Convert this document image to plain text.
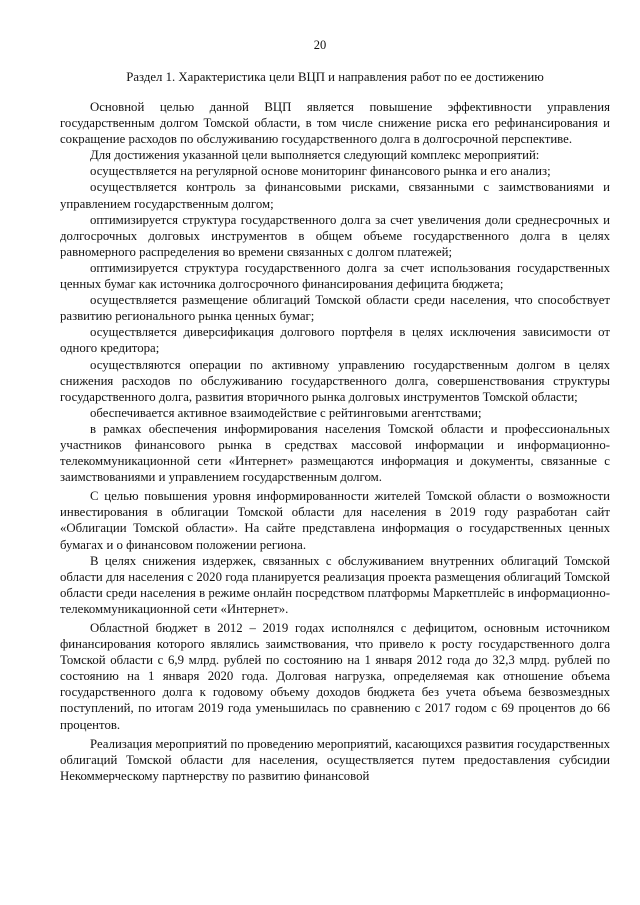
20
Раздел 1. Характеристика цели ВЦП и направления работ по ее достижению

Основной целью данной ВЦП является повышение эффективности управления государственным долгом Томской области, в том числе снижение риска его рефинансирования и сокращение расходов по обслуживанию государственного долга в долгосрочной перспективе.

Для достижения указанной цели выполняется следующий комплекс мероприятий:

осуществляется на регулярной основе мониторинг финансового рынка и его анализ;

осуществляется контроль за финансовыми рисками, связанными с заимствованиями и управлением государственным долгом;

оптимизируется структура государственного долга за счет увеличения доли среднесрочных и долгосрочных долговых инструментов в общем объеме государственного долга в целях равномерного распределения во времени связанных с долгом платежей;

оптимизируется структура государственного долга за счет использования государственных ценных бумаг как источника долгосрочного финансирования дефицита бюджета;

осуществляется размещение облигаций Томской области среди населения, что способствует развитию регионального рынка ценных бумаг;

осуществляется диверсификация долгового портфеля в целях исключения зависимости от одного кредитора;

осуществляются операции по активному управлению государственным долгом в целях снижения расходов по обслуживанию государственного долга, совершенствования структуры государственного долга, развития вторичного рынка долговых инструментов Томской области;

обеспечивается активное взаимодействие с рейтинговыми агентствами;

в рамках обеспечения информирования населения Томской области и профессиональных участников финансового рынка в средствах массовой информации и информационно-телекоммуникационной сети «Интернет» размещаются информация и документы, связанные с заимствованиями и управлением государственным долгом.

С целью повышения уровня информированности жителей Томской области о возможности инвестирования в облигации Томской области для населения в 2019 году разработан сайт «Облигации Томской области». На сайте представлена информация о государственных ценных бумагах и о финансовом положении региона.

В целях снижения издержек, связанных с обслуживанием внутренних облигаций Томской области для населения с 2020 года планируется реализация проекта размещения облигаций Томской области среди населения в режиме онлайн посредством платформы Маркетплейс в информационно-телекоммуникационной сети «Интернет».

Областной бюджет в 2012 – 2019 годах исполнялся с дефицитом, основным источником финансирования которого являлись заимствования, что привело к росту государственного долга Томской области с 6,9 млрд. рублей по состоянию на 1 января 2012 года до 32,3 млрд. рублей по состоянию на 1 января 2020 года. Долговая нагрузка, определяемая как отношение объема государственного долга к годовому объему доходов бюджета без учета объема безвозмездных поступлений, по итогам 2019 года уменьшилась по сравнению с 2017 годом с 69 процентов до 66 процентов.

Реализация мероприятий по проведению мероприятий, касающихся развития государственных облигаций Томской области для населения, осуществляется путем предоставления субсидии Некоммерческому партнерству по развитию финансовой
